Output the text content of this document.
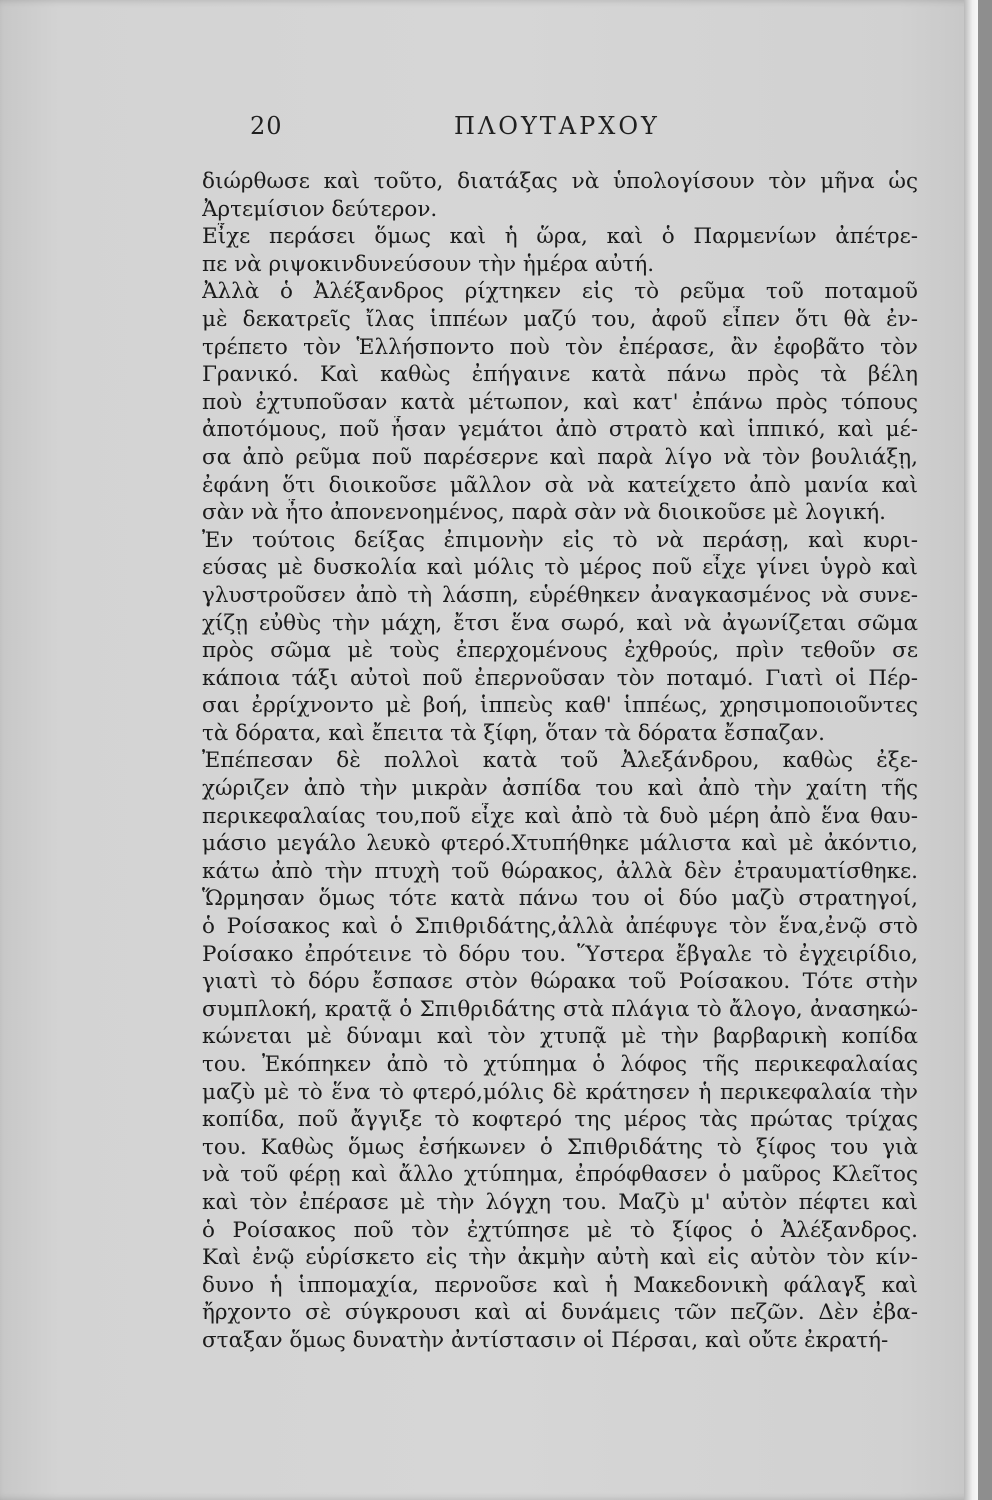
20	ΠΛΟΥΤΑΡΧΟΥ
διώρθωσε καὶ τοῦτο, διατάξας νὰ ὑπολογίσουν τὸν μῆνα ὡς
Ἀρτεμίσιον δεύτερον.
Εἶχε περάσει ὅμως καὶ ἡ ὥρα, καὶ ὁ Παρμενίων ἀπέτρε-
πε νὰ ριψοκινδυνεύσουν τὴν ἡμέρα αὐτή.
Ἀλλὰ ὁ Ἀλέξανδρος ρίχτηκεν εἰς τὸ ρεῦμα τοῦ ποταμοῦ
μὲ δεκατρεῖς ἴλας ἱππέων μαζύ του, ἀφοῦ εἶπεν ὅτι θὰ ἐν-
τρέπετο τὸν Ἑλλήσποντο ποὺ τὸν ἐπέρασε, ἂν ἐφοβᾶτο τὸν
Γρανικό. Καὶ καθὼς ἐπήγαινε κατὰ πάνω πρὸς τὰ βέλη
ποὺ ἐχτυποῦσαν κατὰ μέτωπον, καὶ κατ' ἐπάνω πρὸς τόπους
ἀποτόμους, ποῦ ἦσαν γεμάτοι ἀπὸ στρατὸ καὶ ἱππικό, καὶ μέ-
σα ἀπὸ ρεῦμα ποῦ παρέσερνε καὶ παρὰ λίγο νὰ τὸν βουλιάξῃ,
ἐφάνη ὅτι διοικοῦσε μᾶλλον σὰ νὰ κατείχετο ἀπὸ μανία καὶ
σὰν νὰ ἦτο ἀπονενοημένος, παρὰ σὰν νὰ διοικοῦσε μὲ λογική.
Ἐν τούτοις δείξας ἐπιμονὴν εἰς τὸ νὰ περάσῃ, καὶ κυρι-
εύσας μὲ δυσκολία καὶ μόλις τὸ μέρος ποῦ εἶχε γίνει ὑγρὸ καὶ
γλυστροῦσεν ἀπὸ τὴ λάσπη, εὑρέθηκεν ἀναγκασμένος νὰ συνε-
χίζῃ εὐθὺς τὴν μάχη, ἔτσι ἕνα σωρό, καὶ νὰ ἀγωνίζεται σῶμα
πρὸς σῶμα μὲ τοὺς ἐπερχομένους ἐχθρούς, πρὶν τεθοῦν σε
κάποια τάξι αὐτοὶ ποῦ ἐπερνοῦσαν τὸν ποταμό. Γιατὶ οἱ Πέρ-
σαι ἐρρίχνοντο μὲ βοή, ἱππεὺς καθ' ἱππέως, χρησιμοποιοῦντες
τὰ δόρατα, καὶ ἔπειτα τὰ ξίφη, ὅταν τὰ δόρατα ἔσπαζαν.
Ἐπέπεσαν δὲ πολλοὶ κατὰ τοῦ Ἀλεξάνδρου, καθὼς ἐξε-
χώριζεν ἀπὸ τὴν μικρὰν ἀσπίδα του καὶ ἀπὸ τὴν χαίτη τῆς
περικεφαλαίας του,ποῦ εἶχε καὶ ἀπὸ τὰ δυὸ μέρη ἀπὸ ἕνα θαυ-
μάσιο μεγάλο λευκὸ φτερό.Χτυπήθηκε μάλιστα καὶ μὲ ἀκόντιο,
κάτω ἀπὸ τὴν πτυχὴ τοῦ θώρακος, ἀλλὰ δὲν ἐτραυματίσθηκε.
Ὥρμησαν ὅμως τότε κατὰ πάνω του οἱ δύο μαζὺ στρατηγοί,
ὁ Ροίσακος καὶ ὁ Σπιθριδάτης,ἀλλὰ ἀπέφυγε τὸν ἕνα,ἐνῷ στὸ
Ροίσακο ἐπρότεινε τὸ δόρυ του. Ὕστερα ἔβγαλε τὸ ἐγχειρίδιο,
γιατὶ τὸ δόρυ ἔσπασε στὸν θώρακα τοῦ Ροίσακου. Τότε στὴν
συμπλοκή, κρατᾷ ὁ Σπιθριδάτης στὰ πλάγια τὸ ἄλογο, ἀνασηκώ-
κώνεται μὲ δύναμι καὶ τὸν χτυπᾷ μὲ τὴν βαρβαρικὴ κοπίδα
του. Ἐκόπηκεν ἀπὸ τὸ χτύπημα ὁ λόφος τῆς περικεφαλαίας
μαζὺ μὲ τὸ ἕνα τὸ φτερό,μόλις δὲ κράτησεν ἡ περικεφαλαία τὴν
κοπίδα, ποῦ ἄγγιξε τὸ κοφτερό της μέρος τὰς πρώτας τρίχας
του. Καθὼς ὅμως ἐσήκωνεν ὁ Σπιθριδάτης τὸ ξίφος του γιὰ
νὰ τοῦ φέρῃ καὶ ἄλλο χτύπημα, ἐπρόφθασεν ὁ μαῦρος Κλεῖτος
καὶ τὸν ἐπέρασε μὲ τὴν λόγχη του. Μαζὺ μ' αὐτὸν πέφτει καὶ
ὁ Ροίσακος ποῦ τὸν ἐχτύπησε μὲ τὸ ξίφος ὁ Ἀλέξανδρος.
Καὶ ἐνῷ εὑρίσκετο εἰς τὴν ἀκμὴν αὐτὴ καὶ εἰς αὐτὸν τὸν κίν-
δυνο ἡ ἱππομαχία, περνοῦσε καὶ ἡ Μακεδονικὴ φάλαγξ καὶ
ἤρχοντο σὲ σύγκρουσι καὶ αἱ δυνάμεις τῶν πεζῶν. Δὲν ἐβα-
σταξαν ὅμως δυνατὴν ἀντίστασιν οἱ Πέρσαι, καὶ οὔτε ἐκρατή-
